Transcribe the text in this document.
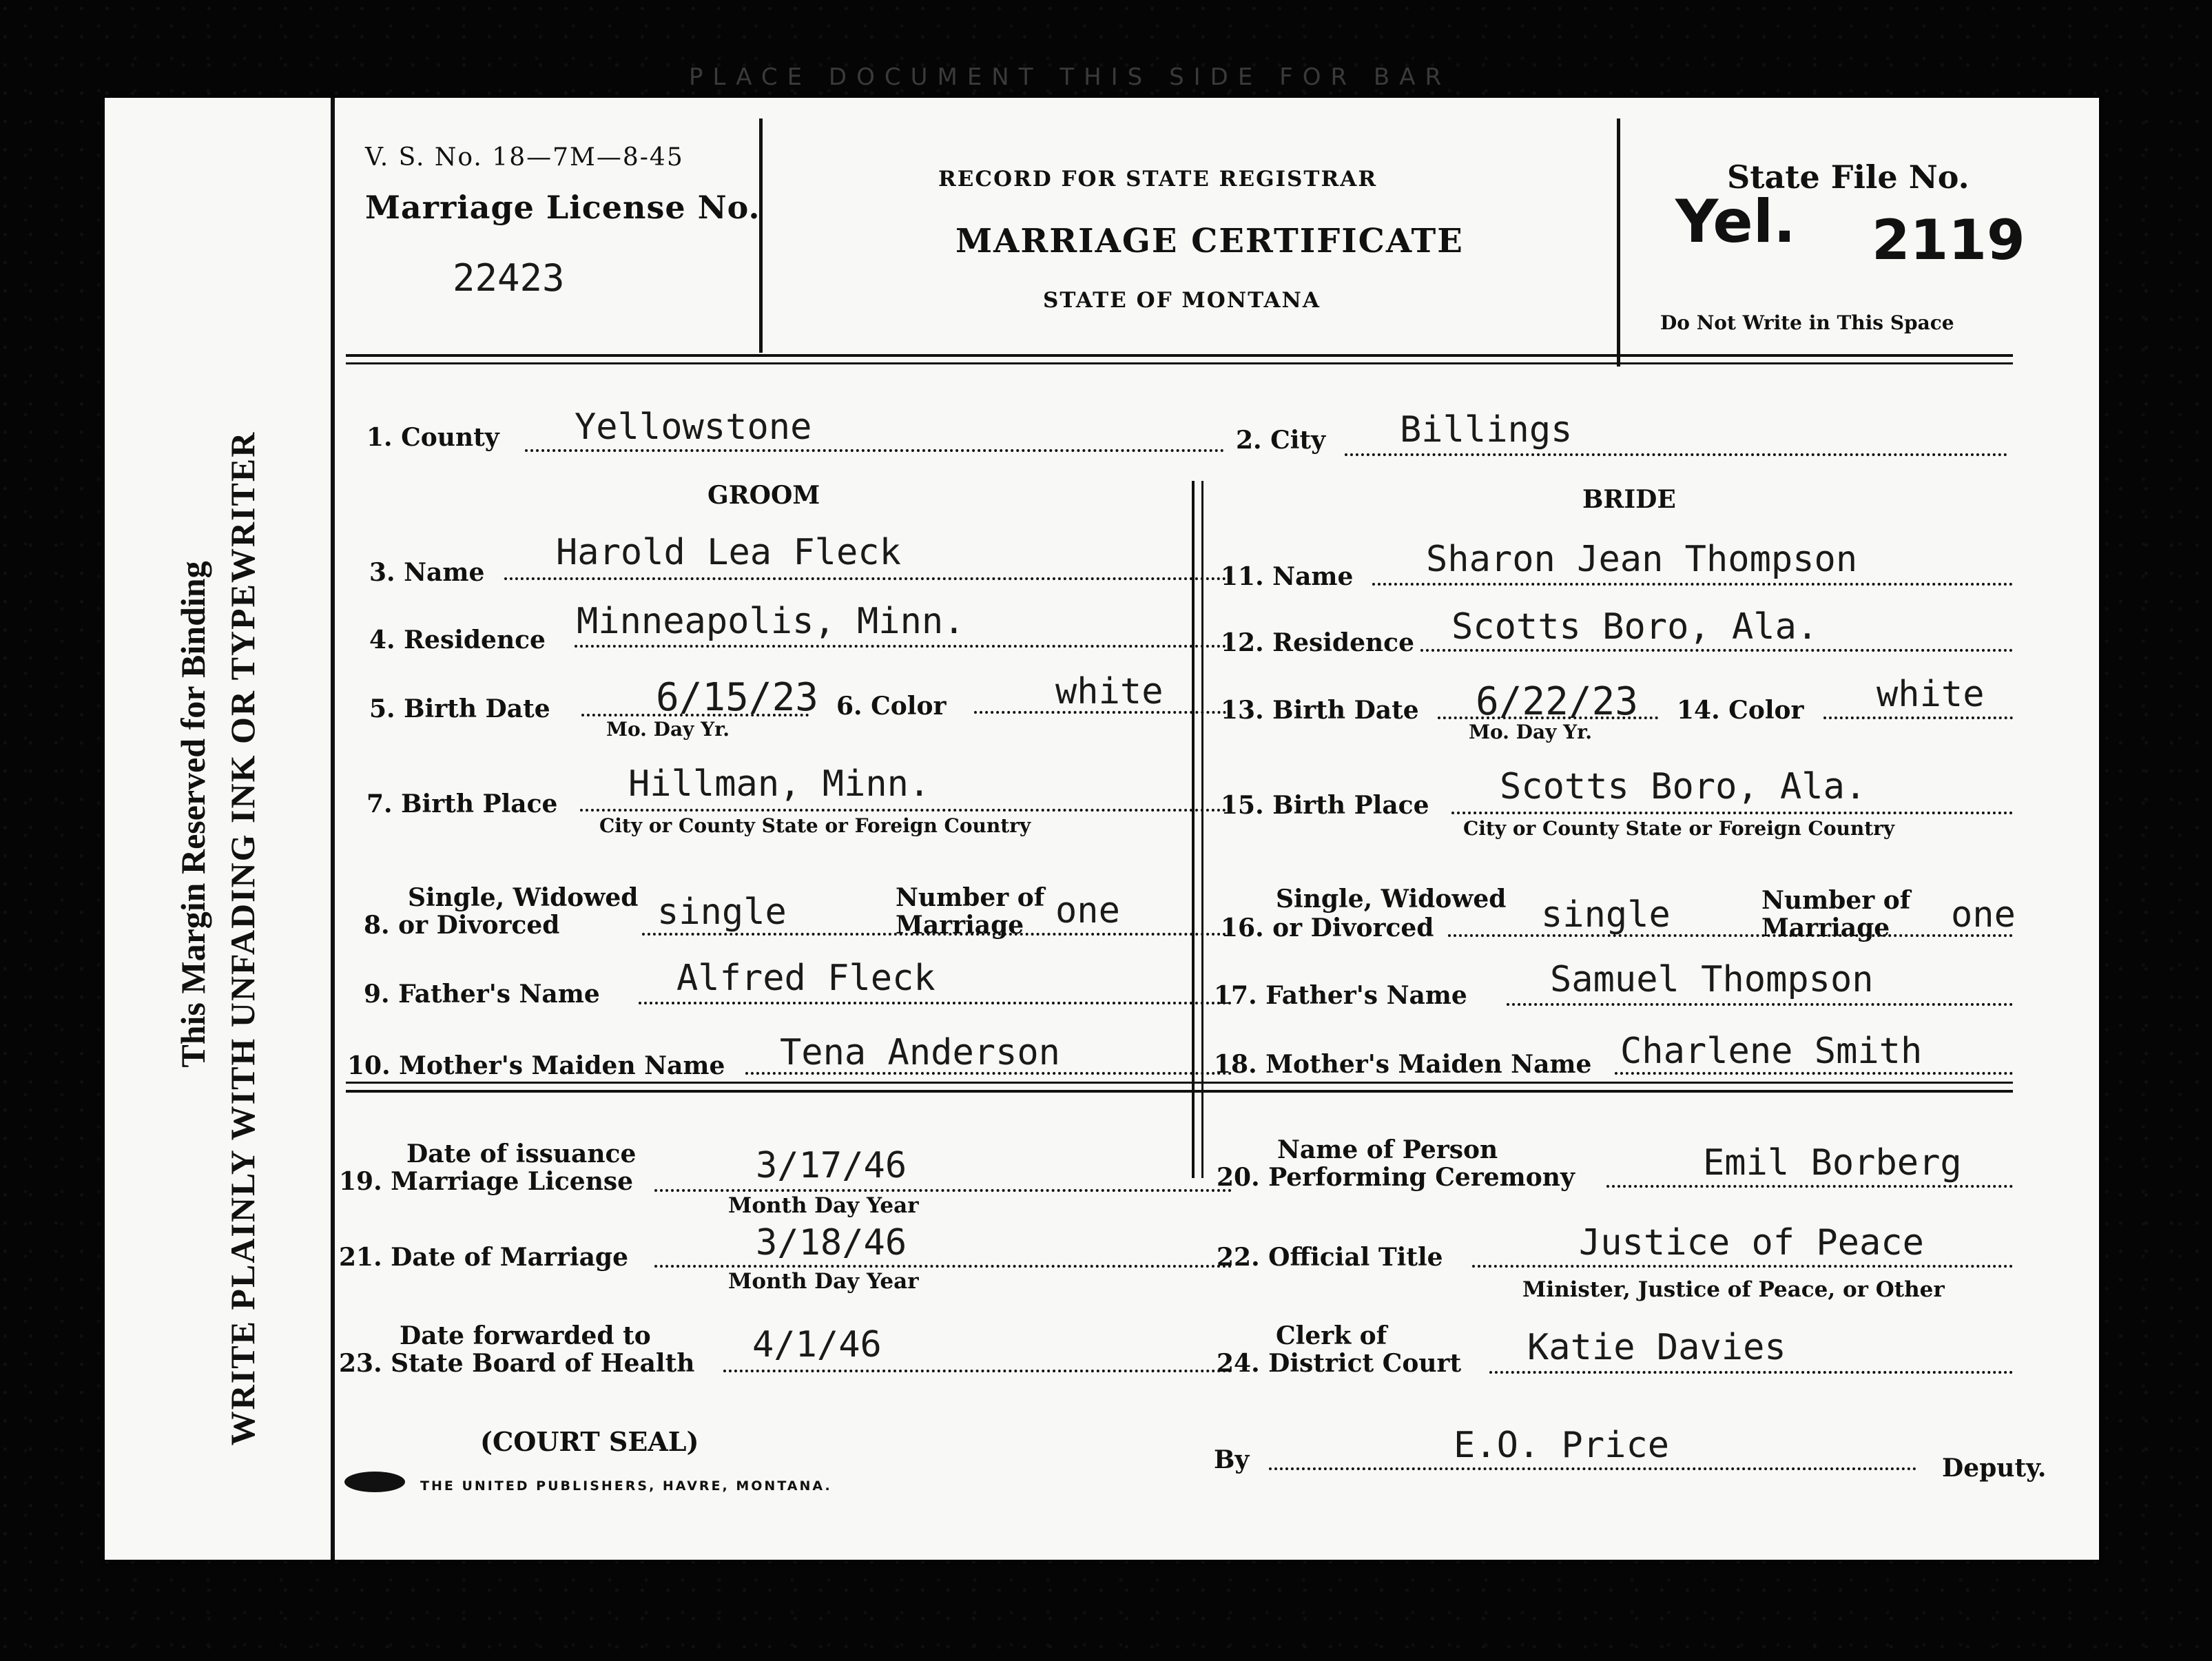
PLACE DOCUMENT THIS SIDE FOR BAR
This Margin Reserved for Binding WRITE PLAINLY WITH UNFADING INK OR TYPEWRITER
V. S. No. 18—7M—8-45
Marriage License No.
22423
RECORD FOR STATE REGISTRAR
MARRIAGE CERTIFICATE
STATE OF MONTANA
State File No.
Yel. 2119
Do Not Write in This Space
1. County Yellowstone	2. City Billings
GROOM
3. Name Harold Lea Fleck
4. Residence Minneapolis, Minn.
5. Birth Date	6/15/23
Mo. Day Yr.
6. Color	white
7. Birth Place Hillman, Minn.
City or County State or Foreign Country
Single, Widowed
8. or Divorced	single	Number of
Marriage one
9. Father's Name Alfred Fleck
10. Mother's Maiden Name Tena Anderson
BRIDE
11. Name Sharon Jean Thompson
12. Residence Scotts Boro, Ala.
13. Birth Date 6/22/23
Mo. Day Yr.
14. Color white
15. Birth Place Scotts Boro, Ala.
City or County State or Foreign Country
Single, Widowed
16. or Divorced	single	Number of
Marriage one
17. Father's Name Samuel Thompson
18. Mother's Maiden Name Charlene Smith
Date of issuance
19. Marriage License	3/17/46
Month Day Year
21. Date of Marriage	3/18/46
Month Day Year
Date forwarded to
23. State Board of Health 4/1/46
(COURT SEAL)
THE UNITED PUBLISHERS, HAVRE, MONTANA.
Name of Person
20. Performing Ceremony	Emil Borberg
22. Official Title	Justice of Peace
Minister, Justice of Peace, or Other
Clerk of
24. District Court Katie Davies
By	E.O. Price
Deputy.
